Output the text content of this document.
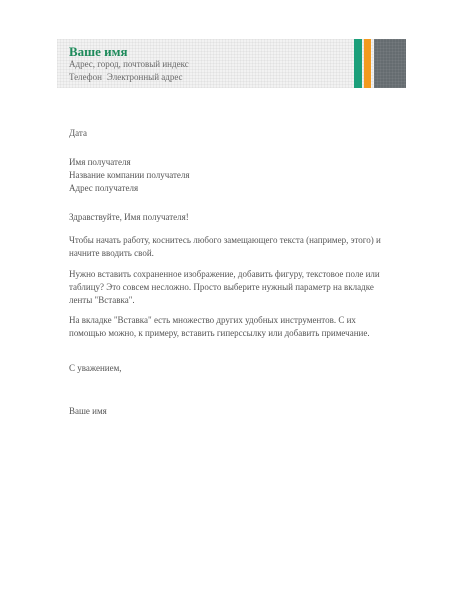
Ваше имя
Адрес, город, почтовый индекс
Телефон Электронный адрес
Дата
Имя получателя
Название компании получателя
Адрес получателя
Здравствуйте, Имя получателя!
Чтобы начать работу, коснитесь любого замещающего текста (например, этого) и
начните вводить свой.
Нужно вставить сохраненное изображение, добавить фигуру, текстовое поле или
таблицу? Это совсем несложно. Просто выберите нужный параметр на вкладке
ленты "Вставка".
На вкладке "Вставка" есть множество других удобных инструментов. С их
помощью можно, к примеру, вставить гиперссылку или добавить примечание.
С уважением,
Ваше имя
